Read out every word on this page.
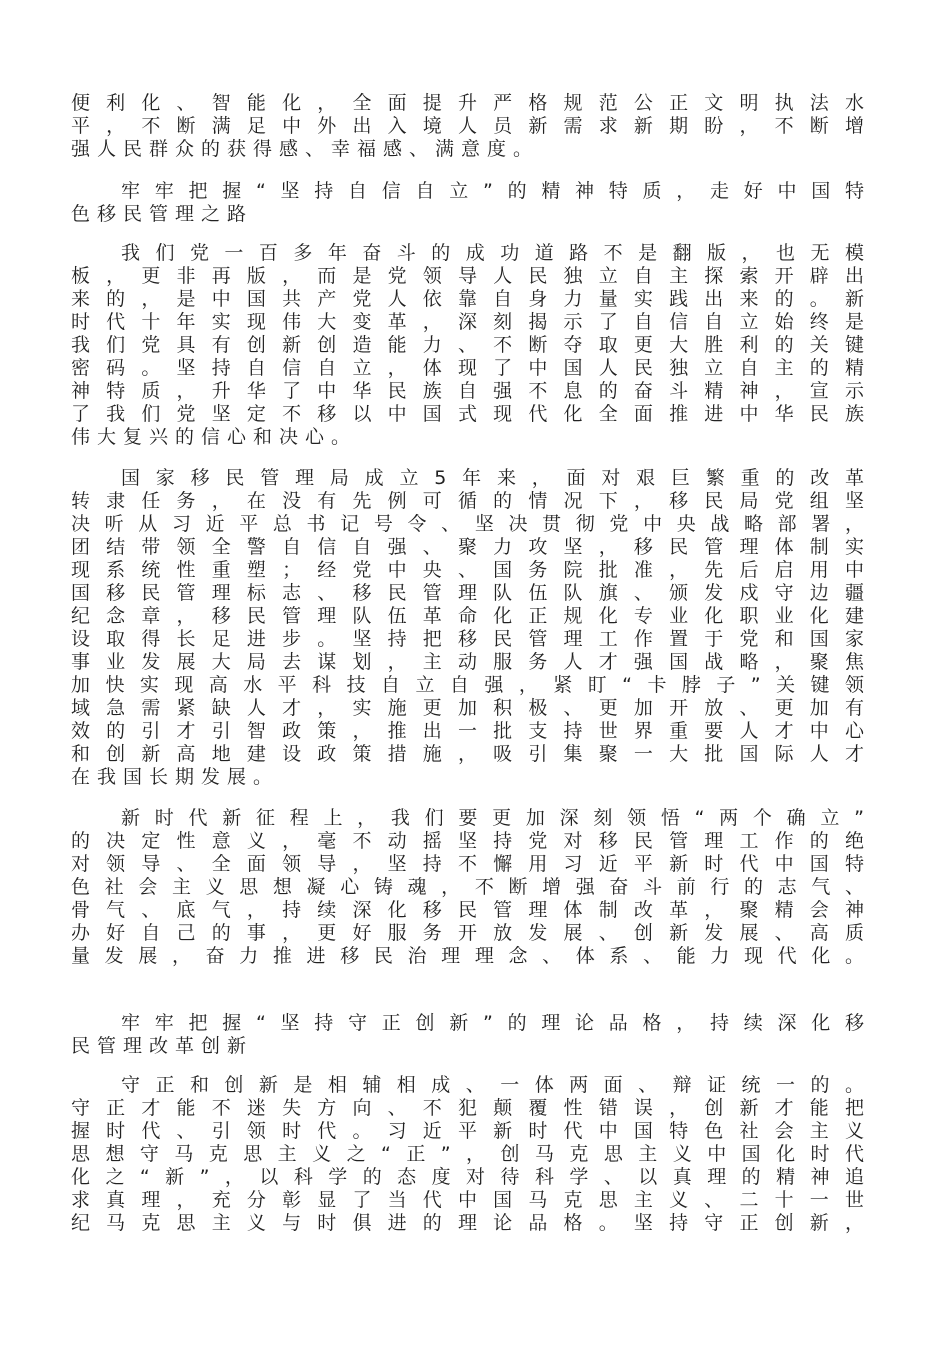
便利化、智能化，全面提升严格规范公正文明执法水
平，不断满足中外出入境人员新需求新期盼，不断增
强人民群众的获得感、幸福感、满意度。
牢牢把握“坚持自信自立”的精神特质，走好中国特
色移民管理之路
我们党一百多年奋斗的成功道路不是翻版，也无模
板，更非再版，而是党领导人民独立自主探索开辟出
来的，是中国共产党人依靠自身力量实践出来的。新
时代十年实现伟大变革，深刻揭示了自信自立始终是
我们党具有创新创造能力、不断夺取更大胜利的关键
密码。坚持自信自立，体现了中国人民独立自主的精
神特质，升华了中华民族自强不息的奋斗精神，宣示
了我们党坚定不移以中国式现代化全面推进中华民族
伟大复兴的信心和决心。
国家移民管理局成立5年来，面对艰巨繁重的改革
转隶任务，在没有先例可循的情况下，移民局党组坚
决听从习近平总书记号令、坚决贯彻党中央战略部署，
团结带领全警自信自强、聚力攻坚，移民管理体制实
现系统性重塑；经党中央、国务院批准，先后启用中
国移民管理标志、移民管理队伍队旗、颁发戍守边疆
纪念章，移民管理队伍革命化正规化专业化职业化建
设取得长足进步。坚持把移民管理工作置于党和国家
事业发展大局去谋划，主动服务人才强国战略，聚焦
加快实现高水平科技自立自强，紧盯“卡脖子”关键领
域急需紧缺人才，实施更加积极、更加开放、更加有
效的引才引智政策，推出一批支持世界重要人才中心
和创新高地建设政策措施，吸引集聚一大批国际人才
在我国长期发展。
新时代新征程上，我们要更加深刻领悟“两个确立”
的决定性意义，毫不动摇坚持党对移民管理工作的绝
对领导、全面领导，坚持不懈用习近平新时代中国特
色社会主义思想凝心铸魂，不断增强奋斗前行的志气、
骨气、底气，持续深化移民管理体制改革，聚精会神
办好自己的事，更好服务开放发展、创新发展、高质
量发展，奋力推进移民治理理念、体系、能力现代化。
牢牢把握“坚持守正创新”的理论品格，持续深化移
民管理改革创新
守正和创新是相辅相成、一体两面、辩证统一的。
守正才能不迷失方向、不犯颠覆性错误，创新才能把
握时代、引领时代。习近平新时代中国特色社会主义
思想守马克思主义之“正”，创马克思主义中国化时代
化之“新”，以科学的态度对待科学、以真理的精神追
求真理，充分彰显了当代中国马克思主义、二十一世
纪马克思主义与时俱进的理论品格。坚持守正创新，
